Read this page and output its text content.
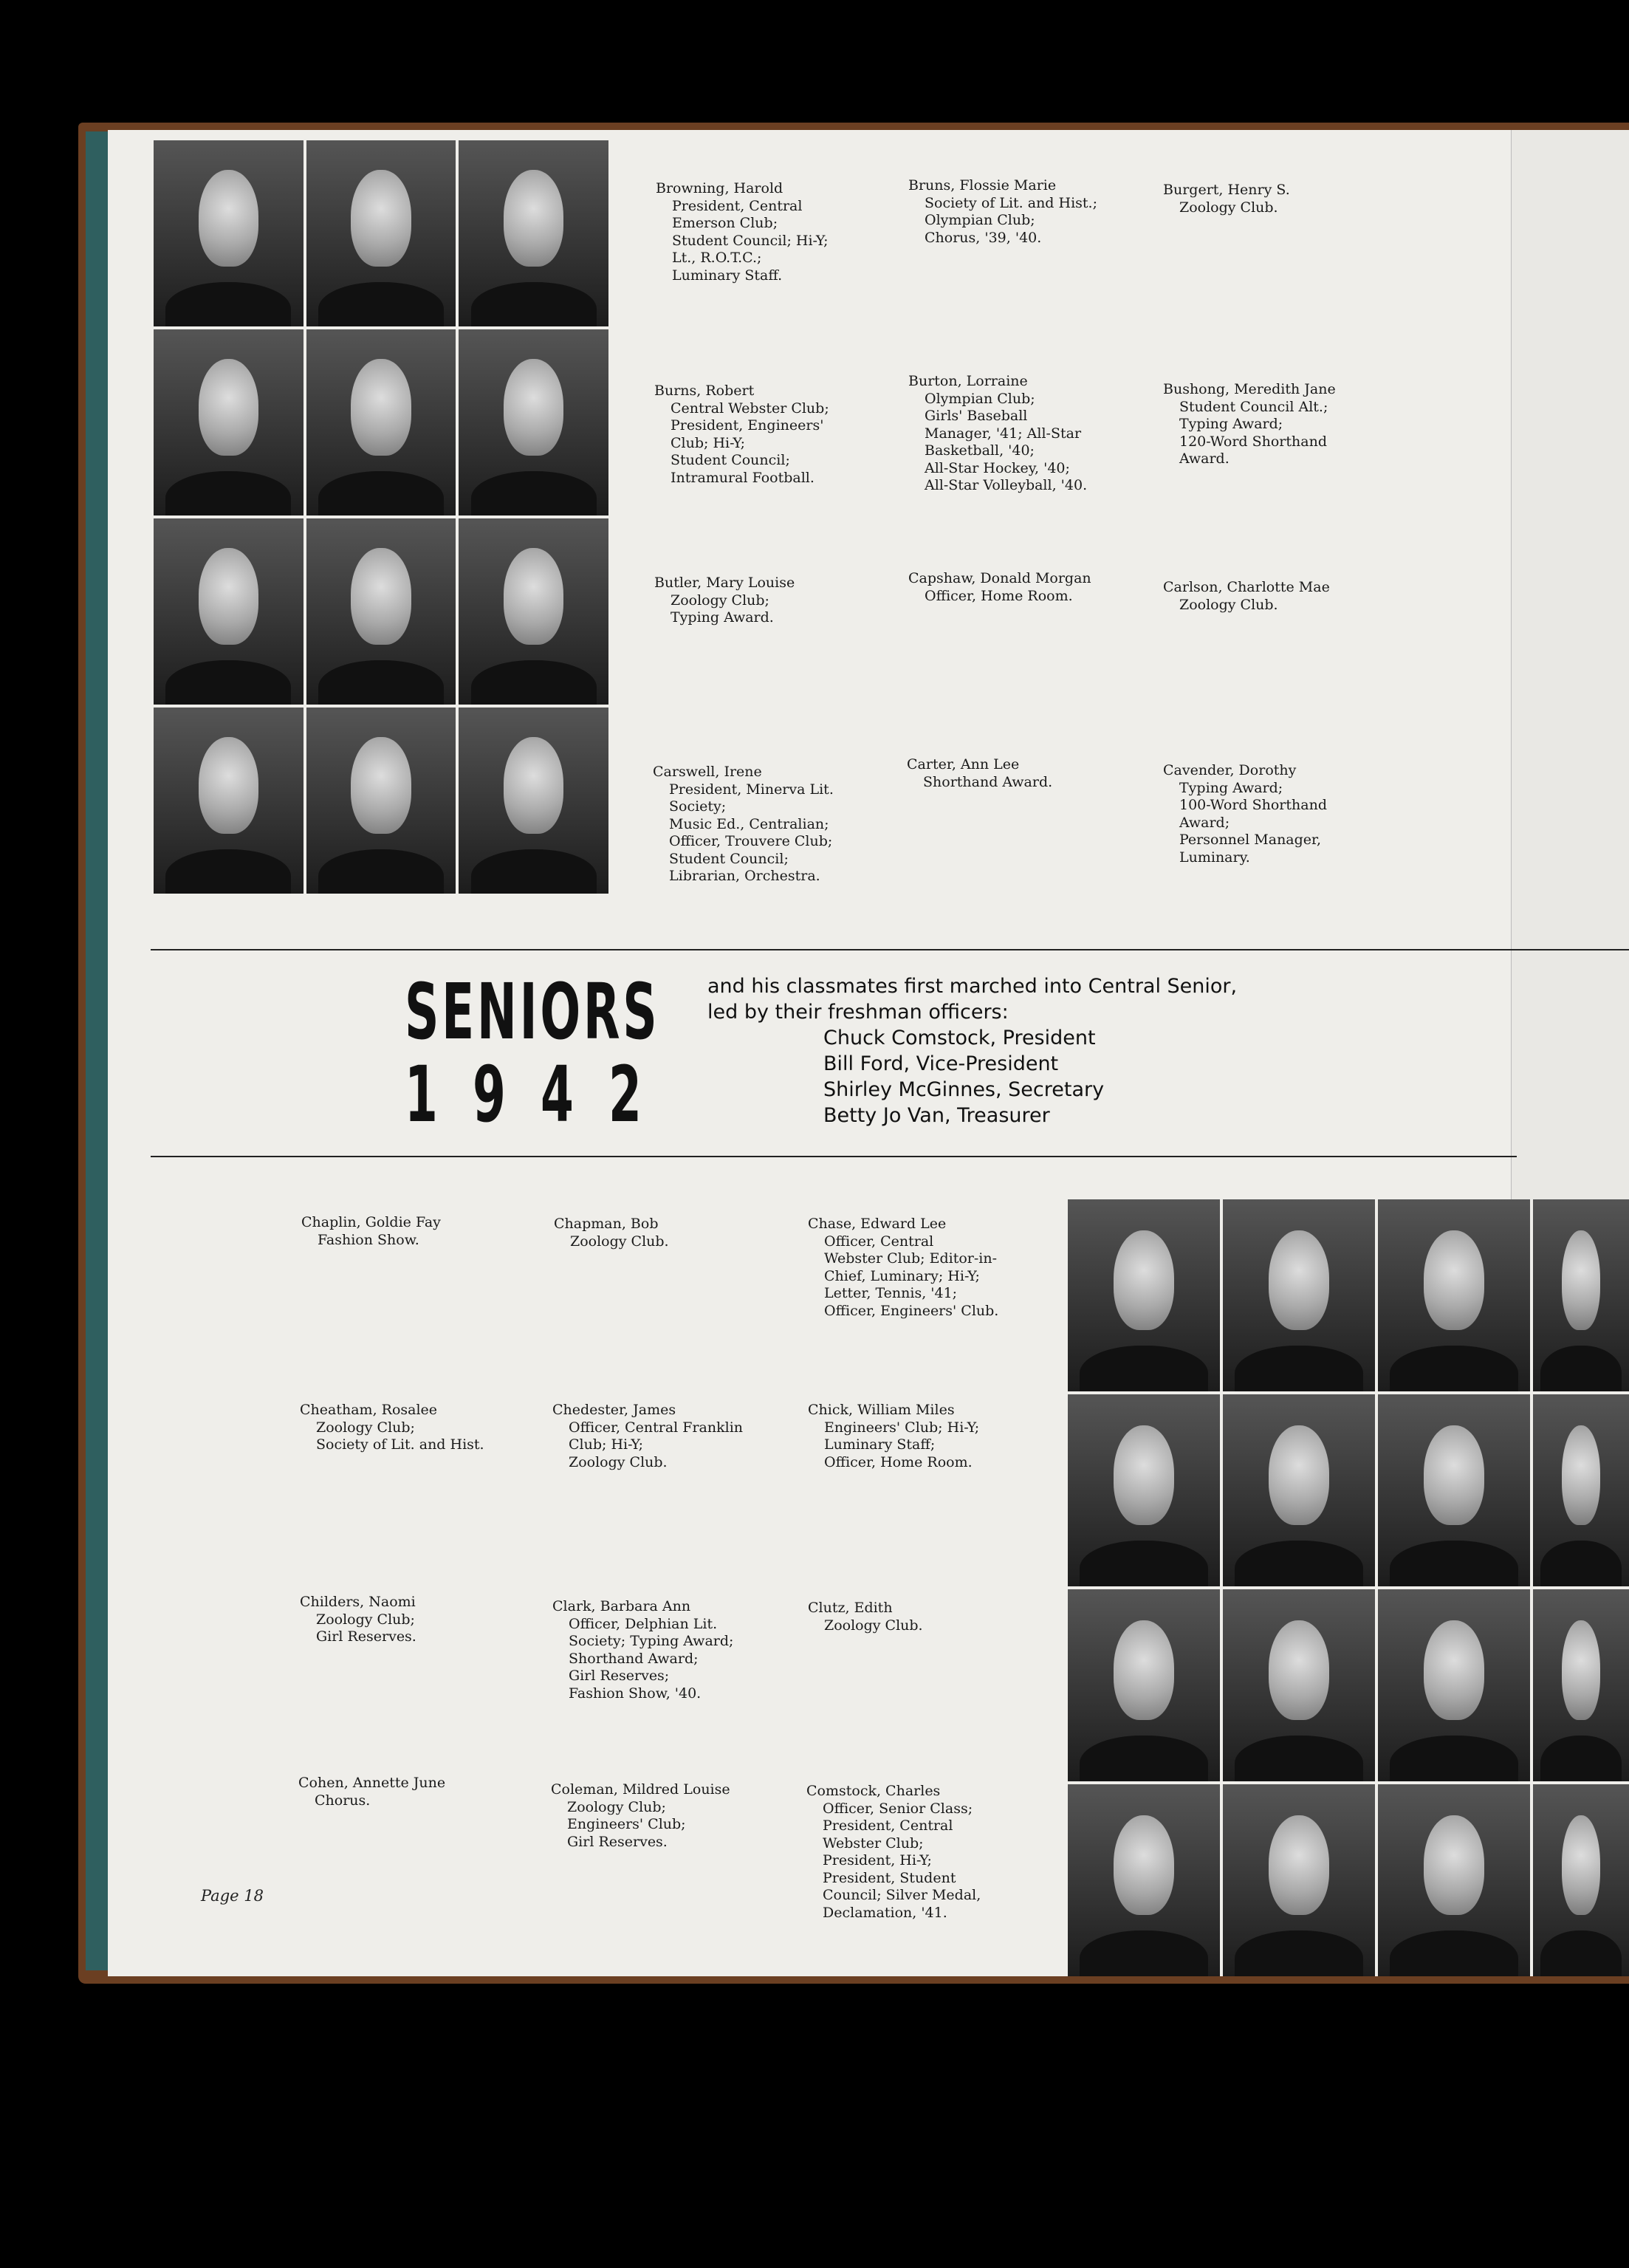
Browning, Harold
President, Central
Emerson Club;
Student Council; Hi-Y;
Lt., R.O.T.C.;
Luminary Staff.
Bruns, Flossie Marie
Society of Lit. and Hist.;
Olympian Club;
Chorus, '39, '40.
Burgert, Henry S.
Zoology Club.
Burns, Robert
Central Webster Club;
President, Engineers'
Club; Hi-Y;
Student Council;
Intramural Football.
Burton, Lorraine
Olympian Club;
Girls' Baseball
Manager, '41; All-Star
Basketball, '40;
All-Star Hockey, '40;
All-Star Volleyball, '40.
Bushong, Meredith Jane
Student Council Alt.;
Typing Award;
120-Word Shorthand
Award.
Butler, Mary Louise
Zoology Club;
Typing Award.
Capshaw, Donald Morgan
Officer, Home Room.
Carlson, Charlotte Mae
Zoology Club.
Carswell, Irene
President, Minerva Lit.
Society;
Music Ed., Centralian;
Officer, Trouvere Club;
Student Council;
Librarian, Orchestra.
Carter, Ann Lee
Shorthand Award.
Cavender, Dorothy
Typing Award;
100-Word Shorthand
Award;
Personnel Manager,
Luminary.
SENIORS
1942
and his classmates first marched into Central Senior,
led by their freshman officers:
Chuck Comstock, President
Bill Ford, Vice-President
Shirley McGinnes, Secretary
Betty Jo Van, Treasurer
Chaplin, Goldie Fay
Fashion Show.
Chapman, Bob
Zoology Club.
Chase, Edward Lee
Officer, Central
Webster Club; Editor-in-
Chief, Luminary; Hi-Y;
Letter, Tennis, '41;
Officer, Engineers' Club.
Cheatham, Rosalee
Zoology Club;
Society of Lit. and Hist.
Chedester, James
Officer, Central Franklin
Club; Hi-Y;
Zoology Club.
Chick, William Miles
Engineers' Club; Hi-Y;
Luminary Staff;
Officer, Home Room.
Childers, Naomi
Zoology Club;
Girl Reserves.
Clark, Barbara Ann
Officer, Delphian Lit.
Society; Typing Award;
Shorthand Award;
Girl Reserves;
Fashion Show, '40.
Clutz, Edith
Zoology Club.
Cohen, Annette June
Chorus.
Coleman, Mildred Louise
Zoology Club;
Engineers' Club;
Girl Reserves.
Comstock, Charles
Officer, Senior Class;
President, Central
Webster Club;
President, Hi-Y;
President, Student
Council; Silver Medal,
Declamation, '41.
Page 18
